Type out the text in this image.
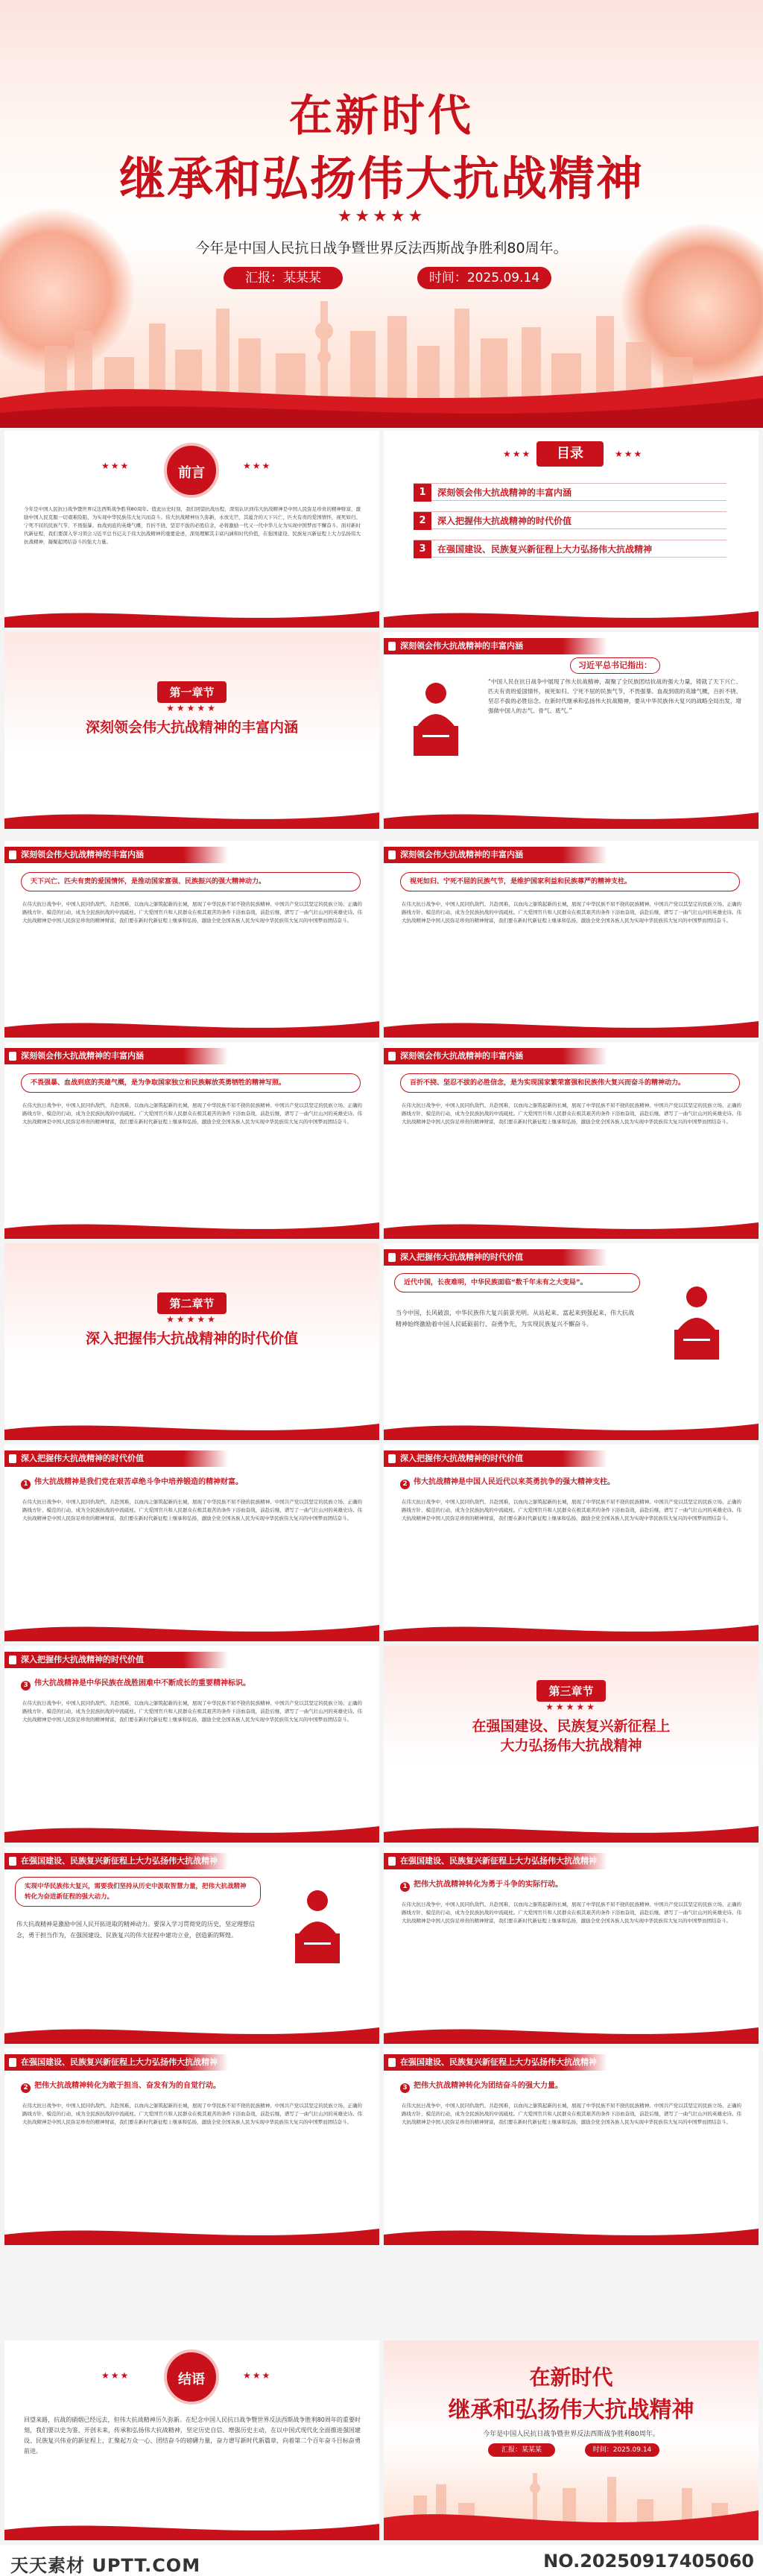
在新时代
继承和弘扬伟大抗战精神
★★★★★
今年是中国人民抗日战争暨世界反法西斯战争胜利80周年。
汇报：某某某	时间：2025.09.14
前言
★★★	★★★
今年是中国人民抗日战争暨世界反法西斯战争胜利80周年。值此历史时刻，我们回望抗战历程，深刻认识到伟大抗战精神是中国人民弥足珍贵的精神财富，激励中国人民克服一切艰难险阻、为实现中华民族伟大复兴而奋斗。伟大抗战精神历久弥新，永放光芒，其蕴含的天下兴亡、匹夫有责的爱国情怀，视死如归、宁死不屈的民族气节，不畏强暴、血战到底的英雄气概，百折不挠、坚忍不拔的必胜信念，必将激励一代又一代中华儿女为实现中国梦而不懈奋斗。面对新时代新征程，我们要深入学习领会习近平总书记关于伟大抗战精神的重要论述，深刻理解其丰富内涵和时代价值，在强国建设、民族复兴新征程上大力弘扬伟大抗战精神，凝聚起团结奋斗的强大力量。
★★★	目录	★★★
1	深刻领会伟大抗战精神的丰富内涵
2	深入把握伟大抗战精神的时代价值
3	在强国建设、民族复兴新征程上大力弘扬伟大抗战精神
第一章节
★★★★★
深刻领会伟大抗战精神的丰富内涵
深刻领会伟大抗战精神的丰富内涵
习近平总书记指出：
“中国人民在抗日战争中展现了伟大抗战精神，凝聚了全民族团结抗战的强大力量，铸就了天下兴亡、匹夫有责的爱国情怀，视死如归、宁死不屈的民族气节，不畏强暴、血战到底的英雄气概，百折不挠、坚忍不拔的必胜信念。在新时代继承和弘扬伟大抗战精神，要从中华民族伟大复兴的战略全局出发，增强做中国人的志气、骨气、底气。”
深刻领会伟大抗战精神的丰富内涵
天下兴亡、匹夫有责的爱国情怀，是推动国家富强、民族振兴的强大精神动力。
在伟大抗日战争中，中国人民同仇敌忾、共赴国难，以血肉之躯筑起新的长城，展现了中华民族不屈不挠的民族精神。中国共产党以其坚定的民族立场、正确的路线方针、模范的行动，成为全民族抗战的中流砥柱。广大爱国官兵和人民群众在极其艰苦的条件下浴血奋战，前赴后继，谱写了一曲气壮山河的英雄史诗。伟大抗战精神是中国人民弥足珍贵的精神财富，我们要在新时代新征程上继承和弘扬，激励全党全国各族人民为实现中华民族伟大复兴的中国梦而团结奋斗。
深刻领会伟大抗战精神的丰富内涵
视死如归、宁死不屈的民族气节，是维护国家利益和民族尊严的精神支柱。
在伟大抗日战争中，中国人民同仇敌忾、共赴国难，以血肉之躯筑起新的长城，展现了中华民族不屈不挠的民族精神。中国共产党以其坚定的民族立场、正确的路线方针、模范的行动，成为全民族抗战的中流砥柱。广大爱国官兵和人民群众在极其艰苦的条件下浴血奋战，前赴后继，谱写了一曲气壮山河的英雄史诗。伟大抗战精神是中国人民弥足珍贵的精神财富，我们要在新时代新征程上继承和弘扬，激励全党全国各族人民为实现中华民族伟大复兴的中国梦而团结奋斗。
深刻领会伟大抗战精神的丰富内涵
不畏强暴、血战到底的英雄气概，是为争取国家独立和民族解放英勇牺牲的精神写照。
在伟大抗日战争中，中国人民同仇敌忾、共赴国难，以血肉之躯筑起新的长城，展现了中华民族不屈不挠的民族精神。中国共产党以其坚定的民族立场、正确的路线方针、模范的行动，成为全民族抗战的中流砥柱。广大爱国官兵和人民群众在极其艰苦的条件下浴血奋战，前赴后继，谱写了一曲气壮山河的英雄史诗。伟大抗战精神是中国人民弥足珍贵的精神财富，我们要在新时代新征程上继承和弘扬，激励全党全国各族人民为实现中华民族伟大复兴的中国梦而团结奋斗。
深刻领会伟大抗战精神的丰富内涵
百折不挠、坚忍不拔的必胜信念，是为实现国家繁荣富强和民族伟大复兴而奋斗的精神动力。
在伟大抗日战争中，中国人民同仇敌忾、共赴国难，以血肉之躯筑起新的长城，展现了中华民族不屈不挠的民族精神。中国共产党以其坚定的民族立场、正确的路线方针、模范的行动，成为全民族抗战的中流砥柱。广大爱国官兵和人民群众在极其艰苦的条件下浴血奋战，前赴后继，谱写了一曲气壮山河的英雄史诗。伟大抗战精神是中国人民弥足珍贵的精神财富，我们要在新时代新征程上继承和弘扬，激励全党全国各族人民为实现中华民族伟大复兴的中国梦而团结奋斗。
第二章节
★★★★★
深入把握伟大抗战精神的时代价值
深入把握伟大抗战精神的时代价值
近代中国，长夜难明，中华民族面临“数千年未有之大变局”。
当今中国，长风破浪，中华民族伟大复兴前景光明。从站起来、富起来到强起来，伟大抗战精神始终激励着中国人民砥砺前行、奋勇争先，为实现民族复兴不懈奋斗。
深入把握伟大抗战精神的时代价值
1 伟大抗战精神是我们党在艰苦卓绝斗争中培养锻造的精神财富。
在伟大抗日战争中，中国人民同仇敌忾、共赴国难，以血肉之躯筑起新的长城，展现了中华民族不屈不挠的民族精神。中国共产党以其坚定的民族立场、正确的路线方针、模范的行动，成为全民族抗战的中流砥柱。广大爱国官兵和人民群众在极其艰苦的条件下浴血奋战，前赴后继，谱写了一曲气壮山河的英雄史诗。伟大抗战精神是中国人民弥足珍贵的精神财富，我们要在新时代新征程上继承和弘扬，激励全党全国各族人民为实现中华民族伟大复兴的中国梦而团结奋斗。
深入把握伟大抗战精神的时代价值
2 伟大抗战精神是中国人民近代以来英勇抗争的强大精神支柱。
在伟大抗日战争中，中国人民同仇敌忾、共赴国难，以血肉之躯筑起新的长城，展现了中华民族不屈不挠的民族精神。中国共产党以其坚定的民族立场、正确的路线方针、模范的行动，成为全民族抗战的中流砥柱。广大爱国官兵和人民群众在极其艰苦的条件下浴血奋战，前赴后继，谱写了一曲气壮山河的英雄史诗。伟大抗战精神是中国人民弥足珍贵的精神财富，我们要在新时代新征程上继承和弘扬，激励全党全国各族人民为实现中华民族伟大复兴的中国梦而团结奋斗。
深入把握伟大抗战精神的时代价值
3 伟大抗战精神是中华民族在战胜困难中不断成长的重要精神标识。
在伟大抗日战争中，中国人民同仇敌忾、共赴国难，以血肉之躯筑起新的长城，展现了中华民族不屈不挠的民族精神。中国共产党以其坚定的民族立场、正确的路线方针、模范的行动，成为全民族抗战的中流砥柱。广大爱国官兵和人民群众在极其艰苦的条件下浴血奋战，前赴后继，谱写了一曲气壮山河的英雄史诗。伟大抗战精神是中国人民弥足珍贵的精神财富，我们要在新时代新征程上继承和弘扬，激励全党全国各族人民为实现中华民族伟大复兴的中国梦而团结奋斗。
第三章节
★★★★★
在强国建设、民族复兴新征程上
大力弘扬伟大抗战精神
在强国建设、民族复兴新征程上大力弘扬伟大抗战精神
实现中华民族伟大复兴，需要我们坚持从历史中汲取智慧力量，把伟大抗战精神转化为奋进新征程的强大动力。
伟大抗战精神是激励中国人民开拓进取的精神动力。要深入学习贯彻党的历史，坚定理想信念，勇于担当作为，在强国建设、民族复兴的伟大征程中建功立业，创造新的辉煌。
在强国建设、民族复兴新征程上大力弘扬伟大抗战精神
1 把伟大抗战精神转化为勇于斗争的实际行动。
在伟大抗日战争中，中国人民同仇敌忾、共赴国难，以血肉之躯筑起新的长城，展现了中华民族不屈不挠的民族精神。中国共产党以其坚定的民族立场、正确的路线方针、模范的行动，成为全民族抗战的中流砥柱。广大爱国官兵和人民群众在极其艰苦的条件下浴血奋战，前赴后继，谱写了一曲气壮山河的英雄史诗。伟大抗战精神是中国人民弥足珍贵的精神财富，我们要在新时代新征程上继承和弘扬，激励全党全国各族人民为实现中华民族伟大复兴的中国梦而团结奋斗。
在强国建设、民族复兴新征程上大力弘扬伟大抗战精神
2 把伟大抗战精神转化为敢于担当、奋发有为的自觉行动。
在伟大抗日战争中，中国人民同仇敌忾、共赴国难，以血肉之躯筑起新的长城，展现了中华民族不屈不挠的民族精神。中国共产党以其坚定的民族立场、正确的路线方针、模范的行动，成为全民族抗战的中流砥柱。广大爱国官兵和人民群众在极其艰苦的条件下浴血奋战，前赴后继，谱写了一曲气壮山河的英雄史诗。伟大抗战精神是中国人民弥足珍贵的精神财富，我们要在新时代新征程上继承和弘扬，激励全党全国各族人民为实现中华民族伟大复兴的中国梦而团结奋斗。
在强国建设、民族复兴新征程上大力弘扬伟大抗战精神
3 把伟大抗战精神转化为团结奋斗的强大力量。
在伟大抗日战争中，中国人民同仇敌忾、共赴国难，以血肉之躯筑起新的长城，展现了中华民族不屈不挠的民族精神。中国共产党以其坚定的民族立场、正确的路线方针、模范的行动，成为全民族抗战的中流砥柱。广大爱国官兵和人民群众在极其艰苦的条件下浴血奋战，前赴后继，谱写了一曲气壮山河的英雄史诗。伟大抗战精神是中国人民弥足珍贵的精神财富，我们要在新时代新征程上继承和弘扬，激励全党全国各族人民为实现中华民族伟大复兴的中国梦而团结奋斗。
结语
★★★	★★★
回望来路，抗战的硝烟已经远去，但伟大抗战精神历久弥新。在纪念中国人民抗日战争暨世界反法西斯战争胜利80周年的重要时刻，我们要以史为鉴、开创未来，传承和弘扬伟大抗战精神，坚定历史自信、增强历史主动，在以中国式现代化全面推进强国建设、民族复兴伟业的新征程上，汇聚起万众一心、团结奋斗的磅礴力量，奋力谱写新时代新篇章，向着第二个百年奋斗目标奋勇前进。
在新时代
继承和弘扬伟大抗战精神
今年是中国人民抗日战争暨世界反法西斯战争胜利80周年。
汇报：某某某	时间：2025.09.14
天天素材 UPTT.COM	NO.20250917405060
